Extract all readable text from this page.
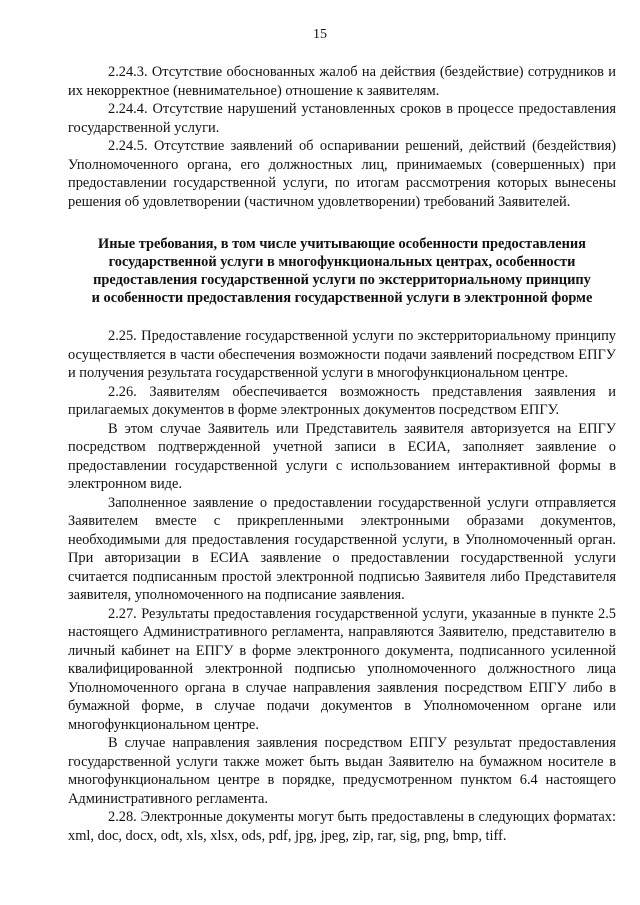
15

2.24.3. Отсутствие обоснованных жалоб на действия (бездействие) сотрудников и их некорректное (невнимательное) отношение к заявителям.

2.24.4. Отсутствие нарушений установленных сроков в процессе предоставления государственной услуги.

2.24.5. Отсутствие заявлений об оспаривании решений, действий (бездействия) Уполномоченного органа, его должностных лиц, принимаемых (совершенных) при предоставлении государственной услуги, по итогам рассмотрения которых вынесены решения об удовлетворении (частичном удовлетворении) требований Заявителей.

Иные требования, в том числе учитывающие особенности предоставления
государственной услуги в многофункциональных центрах, особенности
предоставления государственной услуги по экстерриториальному принципу
и особенности предоставления государственной услуги в электронной форме

2.25. Предоставление государственной услуги по экстерриториальному принципу осуществляется в части обеспечения возможности подачи заявлений посредством ЕПГУ и получения результата государственной услуги в многофункциональном центре.

2.26. Заявителям обеспечивается возможность представления заявления и прилагаемых документов в форме электронных документов посредством ЕПГУ.

В этом случае Заявитель или Представитель заявителя авторизуется на ЕПГУ посредством подтвержденной учетной записи в ЕСИА, заполняет заявление о предоставлении государственной услуги с использованием интерактивной формы в электронном виде.

Заполненное заявление о предоставлении государственной услуги отправляется Заявителем вместе с прикрепленными электронными образами документов, необходимыми для предоставления государственной услуги, в Уполномоченный орган. При авторизации в ЕСИА заявление о предоставлении государственной услуги считается подписанным простой электронной подписью Заявителя либо Представителя заявителя, уполномоченного на подписание заявления.

2.27. Результаты предоставления государственной услуги, указанные в пункте 2.5 настоящего Административного регламента, направляются Заявителю, представителю в личный кабинет на ЕПГУ в форме электронного документа, подписанного усиленной квалифицированной электронной подписью уполномоченного должностного лица Уполномоченного органа в случае направления заявления посредством ЕПГУ либо в бумажной форме, в случае подачи документов в Уполномоченном органе или многофункциональном центре.

В случае направления заявления посредством ЕПГУ результат предоставления государственной услуги также может быть выдан Заявителю на бумажном носителе в многофункциональном центре в порядке, предусмотренном пунктом 6.4 настоящего Административного регламента.

2.28. Электронные документы могут быть предоставлены в следующих форматах: xml, doc, docx, odt, xls, xlsx, ods, pdf, jpg, jpeg, zip, rar, sig, png, bmp, tiff.
